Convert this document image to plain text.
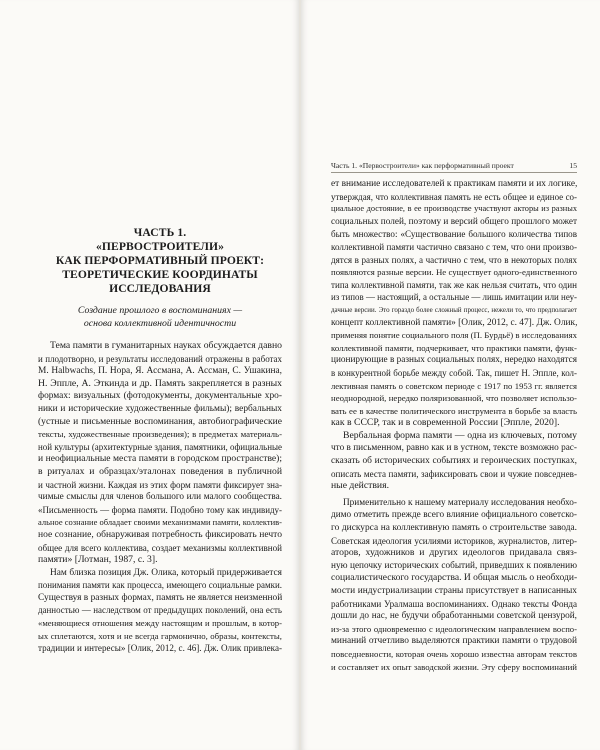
ЧАСТЬ 1.
«ПЕРВОСТРОИТЕЛИ»
КАК ПЕРФОРМАТИВНЫЙ ПРОЕКТ:
ТЕОРЕТИЧЕСКИЕ КООРДИНАТЫ
ИССЛЕДОВАНИЯ
Создание прошлого в воспоминаниях —
основа коллективной идентичности
Тема памяти в гуманитарных науках обсуждается давно
и плодотворно, и результаты исследований отражены в работах
M. Halbwachs, П. Нора, Я. Ассмана, А. Ассман, С. Ушакина,
Н. Эппле, А. Эткинда и др. Память закрепляется в разных
формах: визуальных (фотодокументы, документальные хро-
ники и исторические художественные фильмы); вербальных
(устные и письменные воспоминания, автобиографические
тексты, художественные произведения); в предметах материаль-
ной культуры (архитектурные здания, памятники, официальные
и неофициальные места памяти в городском пространстве);
в ритуалах и образцах/эталонах поведения в публичной
и частной жизни. Каждая из этих форм памяти фиксирует зна-
чимые смыслы для членов большого или малого сообщества.
«Письменность — форма памяти. Подобно тому как индивиду-
альное сознание обладает своими механизмами памяти, коллектив-
ное сознание, обнаруживая потребность фиксировать нечто
общее для всего коллектива, создает механизмы коллективной
памяти» [Лотман, 1987, с. 3].
Нам близка позиция Дж. Олика, который придерживается
понимания памяти как процесса, имеющего социальные рамки.
Существуя в разных формах, память не является неизменной
данностью — наследством от предыдущих поколений, она есть
«меняющиеся отношения между настоящим и прошлым, в котор-
ых сплетаются, хотя и не всегда гармонично, образы, контексты,
традиции и интересы» [Олик, 2012, с. 46]. Дж. Олик привлека-
Часть 1. «Первостроители» как перформативный проект	15
ет внимание исследователей к практикам памяти и их логике,
утверждая, что коллективная память не есть общее и единое со-
циальное достояние, в ее производстве участвуют акторы из разных
социальных полей, поэтому и версий общего прошлого может
быть множество: «Существование большого количества типов
коллективной памяти частично связано с тем, что они произво-
дятся в разных полях, а частично с тем, что в некоторых полях
появляются разные версии. Не существует одного-единственного
типа коллективной памяти, так же как нельзя считать, что один
из типов — настоящий, а остальные — лишь имитации или неу-
дачные версии. Это гораздо более сложный процесс, нежели то, что предполагает
концепт коллективной памяти» [Олик, 2012, с. 47]. Дж. Олик,
применяя понятие социального поля (П. Бурдьё) в исследованиях
коллективной памяти, подчеркивает, что практики памяти, функ-
ционирующие в разных социальных полях, нередко находятся
в конкурентной борьбе между собой. Так, пишет Н. Эппле, кол-
лективная память о советском периоде с 1917 по 1953 гг. является
неоднородной, нередко поляризованной, что позволяет использо-
вать ее в качестве политического инструмента в борьбе за власть
как в СССР, так и в современной России [Эппле, 2020].
Вербальная форма памяти — одна из ключевых, потому
что в письменном, равно как и в устном, тексте возможно рас-
сказать об исторических событиях и героических поступках,
описать места памяти, зафиксировать свои и чужие повседнев-
ные действия.
Применительно к нашему материалу исследования необхо-
димо отметить прежде всего влияние официального советско-
го дискурса на коллективную память о строительстве завода.
Советская идеология усилиями историков, журналистов, литер-
аторов, художников и других идеологов придавала связ-
ную цепочку исторических событий, приведших к появлению
социалистического государства. И общая мысль о необходи-
мости индустриализации страны присутствует в написанных
работниками Уралмаша воспоминаниях. Однако тексты Фонда
дошли до нас, не будучи обработанными советской цензурой,
из-за этого одновременно с идеологическим направлением воспо-
минаний отчетливо выделяются практики памяти о трудовой
повседневности, которая очень хорошо известна авторам текстов
и составляет их опыт заводской жизни. Эту сферу воспоминаний
